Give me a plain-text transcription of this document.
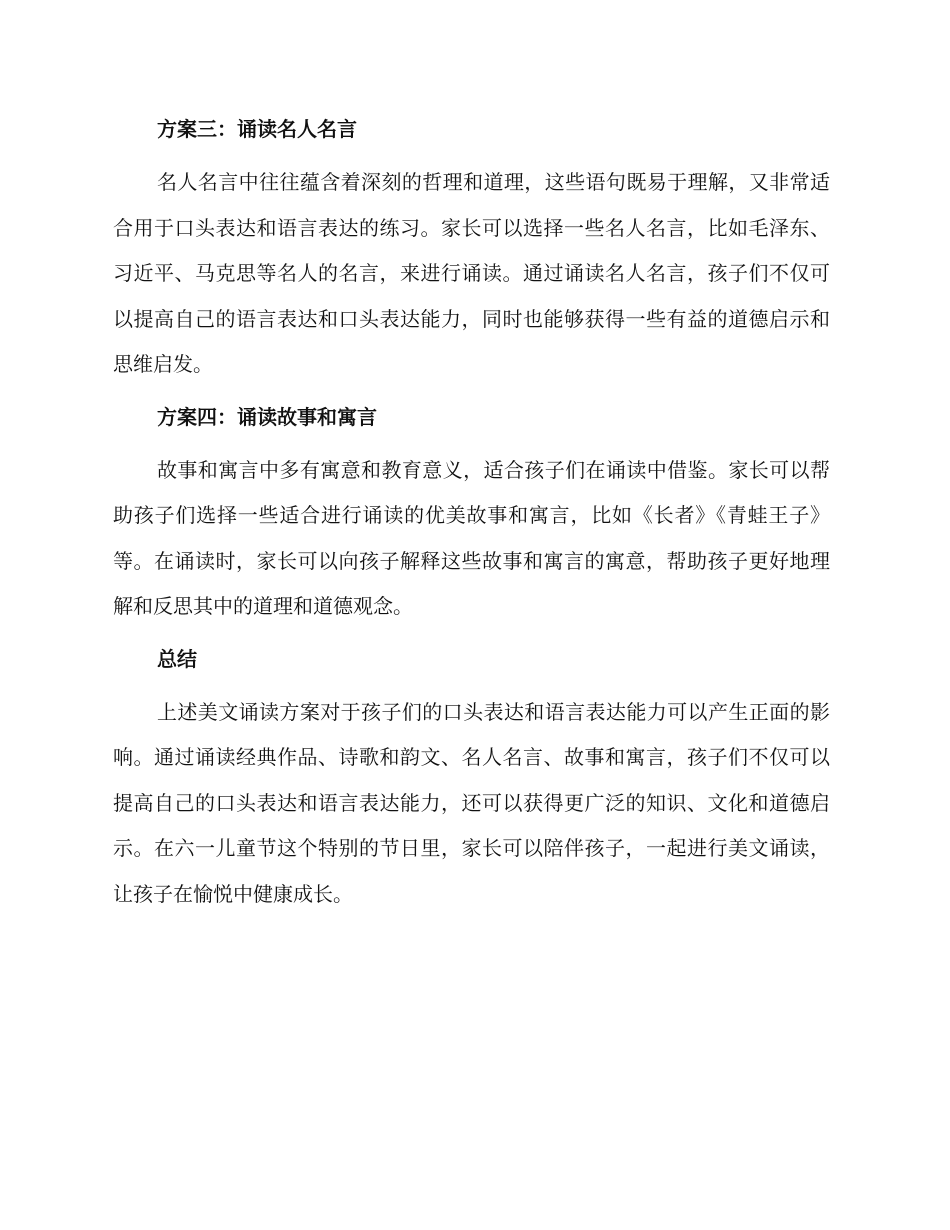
方案三：诵读名人名言

名人名言中往往蕴含着深刻的哲理和道理，这些语句既易于理解，又非常适合用于口头表达和语言表达的练习。家长可以选择一些名人名言，比如毛泽东、习近平、马克思等名人的名言，来进行诵读。通过诵读名人名言，孩子们不仅可以提高自己的语言表达和口头表达能力，同时也能够获得一些有益的道德启示和思维启发。

方案四：诵读故事和寓言

故事和寓言中多有寓意和教育意义，适合孩子们在诵读中借鉴。家长可以帮助孩子们选择一些适合进行诵读的优美故事和寓言，比如《长者》《青蛙王子》等。在诵读时，家长可以向孩子解释这些故事和寓言的寓意，帮助孩子更好地理解和反思其中的道理和道德观念。

总结

上述美文诵读方案对于孩子们的口头表达和语言表达能力可以产生正面的影响。通过诵读经典作品、诗歌和韵文、名人名言、故事和寓言，孩子们不仅可以提高自己的口头表达和语言表达能力，还可以获得更广泛的知识、文化和道德启示。在六一儿童节这个特别的节日里，家长可以陪伴孩子，一起进行美文诵读，让孩子在愉悦中健康成长。
